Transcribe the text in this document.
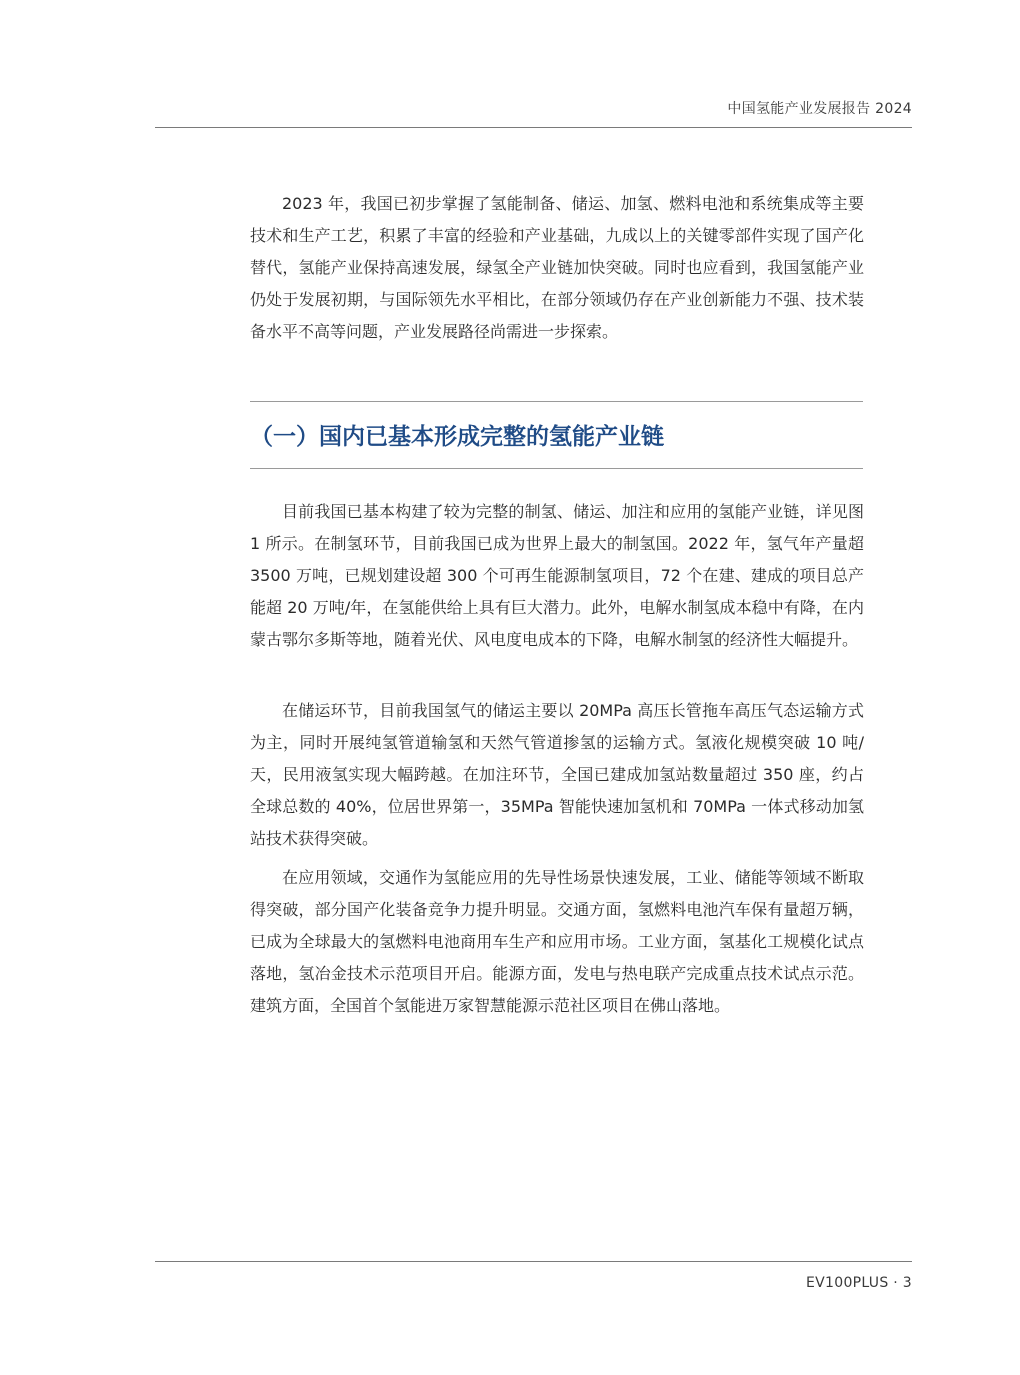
中国氢能产业发展报告 2024

2023 年，我国已初步掌握了氢能制备、储运、加氢、燃料电池和系统集成等主要技术和生产工艺，积累了丰富的经验和产业基础，九成以上的关键零部件实现了国产化替代，氢能产业保持高速发展，绿氢全产业链加快突破。同时也应看到，我国氢能产业仍处于发展初期，与国际领先水平相比，在部分领域仍存在产业创新能力不强、技术装备水平不高等问题，产业发展路径尚需进一步探索。

（一）国内已基本形成完整的氢能产业链

目前我国已基本构建了较为完整的制氢、储运、加注和应用的氢能产业链，详见图 1 所示。在制氢环节，目前我国已成为世界上最大的制氢国。2022 年，氢气年产量超 3500 万吨，已规划建设超 300 个可再生能源制氢项目，72 个在建、建成的项目总产能超 20 万吨/年，在氢能供给上具有巨大潜力。此外，电解水制氢成本稳中有降，在内蒙古鄂尔多斯等地，随着光伏、风电度电成本的下降，电解水制氢的经济性大幅提升。

在储运环节，目前我国氢气的储运主要以 20MPa 高压长管拖车高压气态运输方式为主，同时开展纯氢管道输氢和天然气管道掺氢的运输方式。氢液化规模突破 10 吨/天，民用液氢实现大幅跨越。在加注环节，全国已建成加氢站数量超过 350 座，约占全球总数的 40%，位居世界第一，35MPa 智能快速加氢机和 70MPa 一体式移动加氢站技术获得突破。

在应用领域，交通作为氢能应用的先导性场景快速发展，工业、储能等领域不断取得突破，部分国产化装备竞争力提升明显。交通方面，氢燃料电池汽车保有量超万辆，已成为全球最大的氢燃料电池商用车生产和应用市场。工业方面，氢基化工规模化试点落地，氢冶金技术示范项目开启。能源方面，发电与热电联产完成重点技术试点示范。建筑方面，全国首个氢能进万家智慧能源示范社区项目在佛山落地。

EV100PLUS · 3
